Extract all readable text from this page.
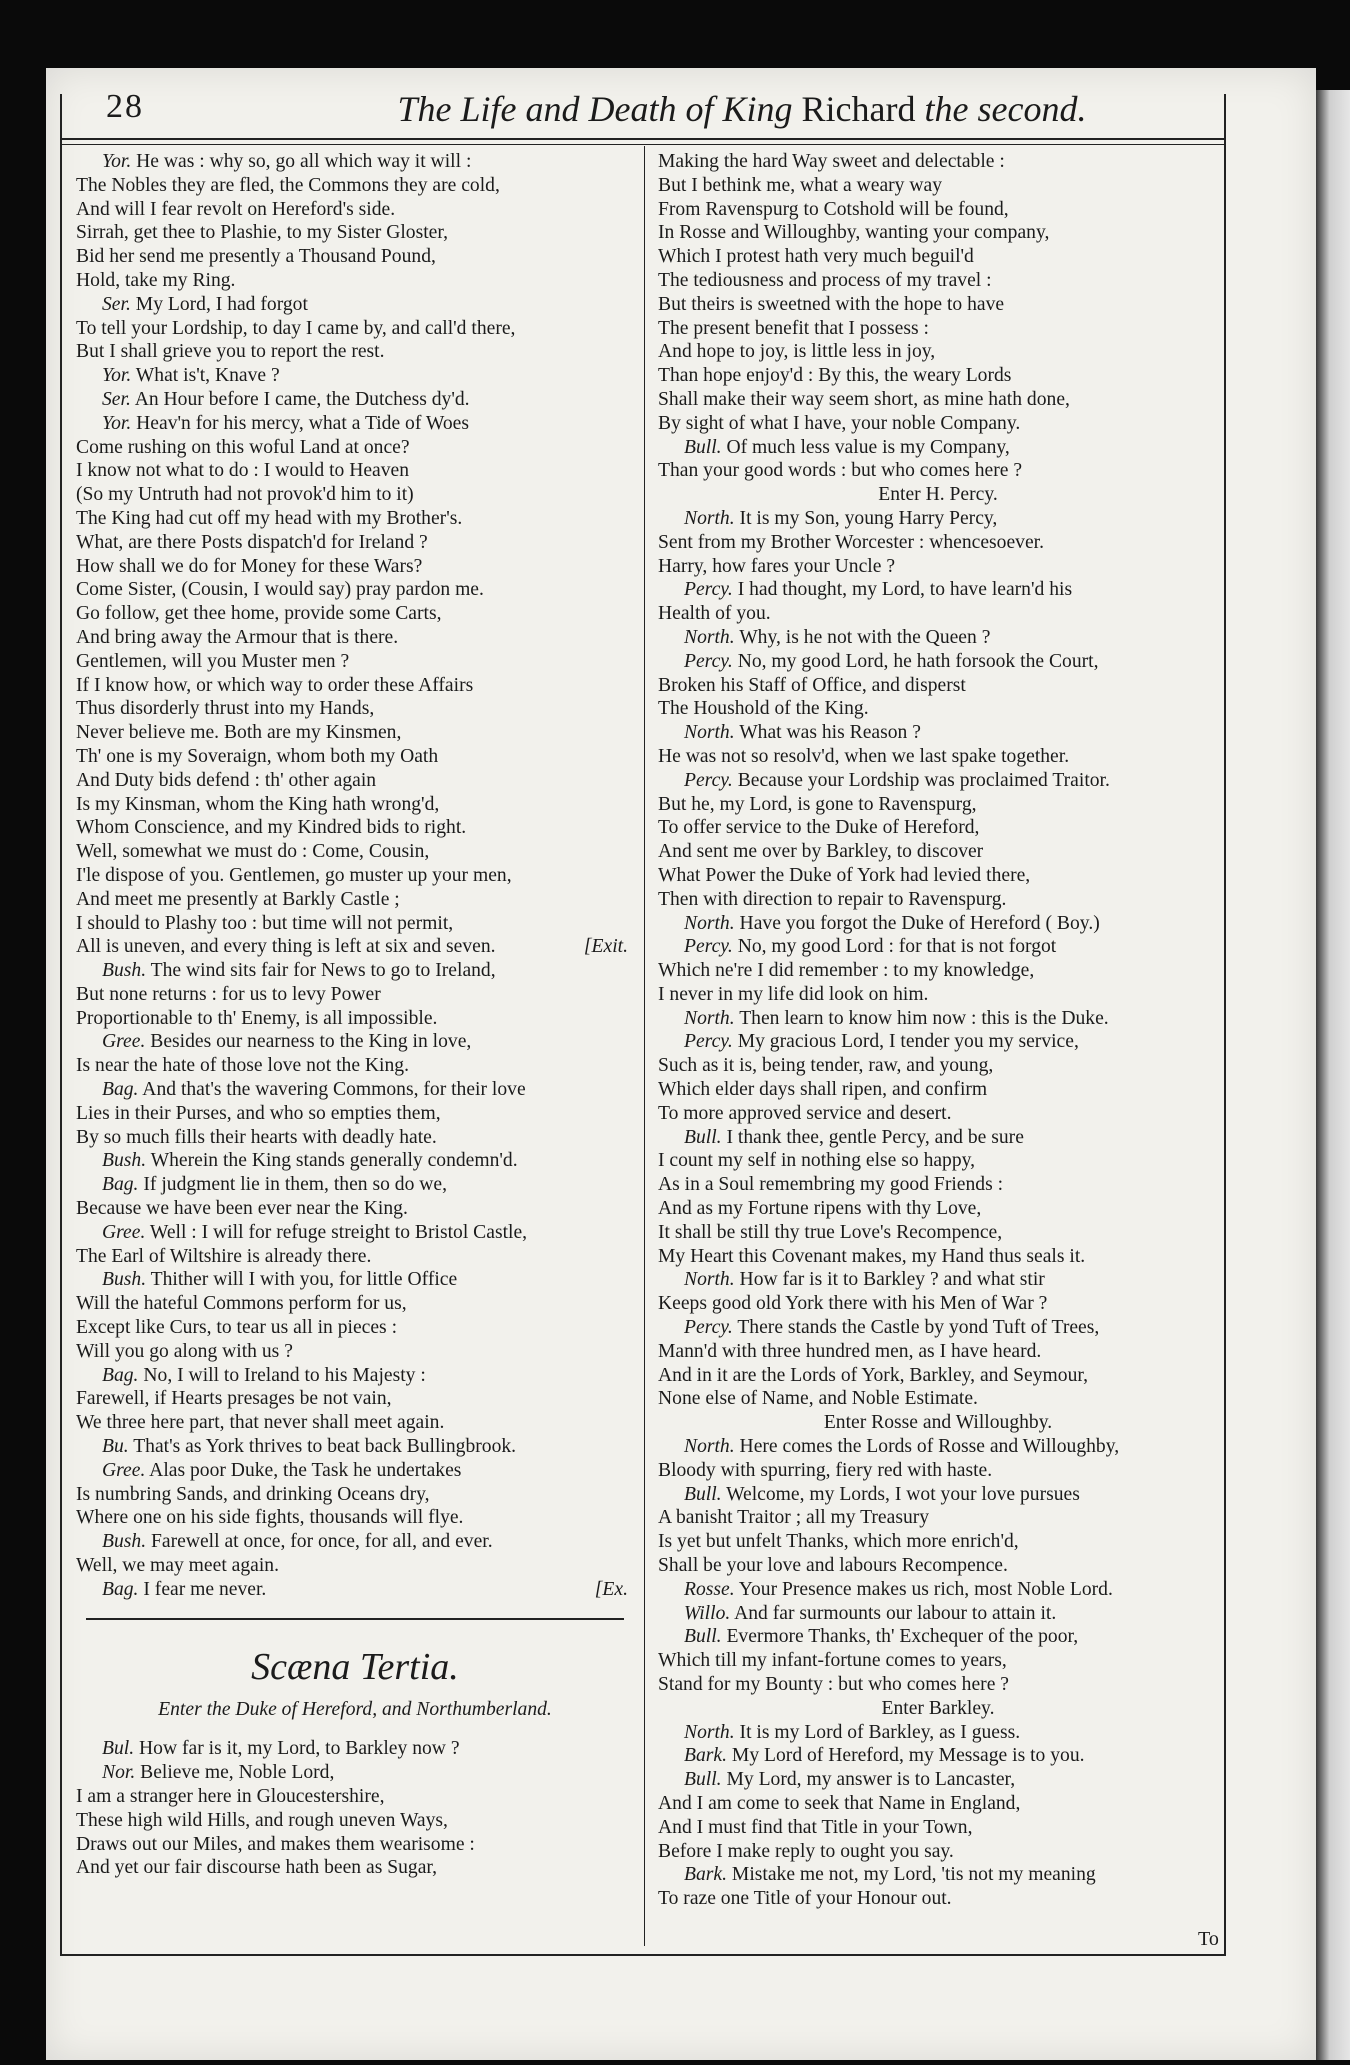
28	The Life and Death of King Richard the second.
Yor. He was : why so, go all which way it will :
The Nobles they are fled, the Commons they are cold,
And will I fear revolt on Hereford's side.
Sirrah, get thee to Plashie, to my Sister Gloster,
Bid her send me presently a Thousand Pound,
Hold, take my Ring.
Ser. My Lord, I had forgot
To tell your Lordship, to day I came by, and call'd there,
But I shall grieve you to report the rest.
Yor. What is't, Knave ?
Ser. An Hour before I came, the Dutchess dy'd.
Yor. Heav'n for his mercy, what a Tide of Woes
Come rushing on this woful Land at once?
I know not what to do : I would to Heaven
(So my Untruth had not provok'd him to it)
The King had cut off my head with my Brother's.
What, are there Posts dispatch'd for Ireland ?
How shall we do for Money for these Wars?
Come Sister, (Cousin, I would say) pray pardon me.
Go follow, get thee home, provide some Carts,
And bring away the Armour that is there.
Gentlemen, will you Muster men ?
If I know how, or which way to order these Affairs
Thus disorderly thrust into my Hands,
Never believe me. Both are my Kinsmen,
Th' one is my Soveraign, whom both my Oath
And Duty bids defend : th' other again
Is my Kinsman, whom the King hath wrong'd,
Whom Conscience, and my Kindred bids to right.
Well, somewhat we must do : Come, Cousin,
I'le dispose of you. Gentlemen, go muster up your men,
And meet me presently at Barkly Castle ;
I should to Plashy too : but time will not permit,
[Exit.
All is uneven, and every thing is left at six and seven.
Bush. The wind sits fair for News to go to Ireland,
But none returns : for us to levy Power
Proportionable to th' Enemy, is all impossible.
Gree. Besides our nearness to the King in love,
Is near the hate of those love not the King.
Bag. And that's the wavering Commons, for their love
Lies in their Purses, and who so empties them,
By so much fills their hearts with deadly hate.
Bush. Wherein the King stands generally condemn'd.
Bag. If judgment lie in them, then so do we,
Because we have been ever near the King.
Gree. Well : I will for refuge streight to Bristol Castle,
The Earl of Wiltshire is already there.
Bush. Thither will I with you, for little Office
Will the hateful Commons perform for us,
Except like Curs, to tear us all in pieces :
Will you go along with us ?
Bag. No, I will to Ireland to his Majesty :
Farewell, if Hearts presages be not vain,
We three here part, that never shall meet again.
Bu. That's as York thrives to beat back Bullingbrook.
Gree. Alas poor Duke, the Task he undertakes
Is numbring Sands, and drinking Oceans dry,
Where one on his side fights, thousands will flye.
Bush. Farewell at once, for once, for all, and ever.
Well, we may meet again.
[Ex.
Bag. I fear me never.
Scæna Tertia.
Enter the Duke of Hereford, and Northumberland.
Bul. How far is it, my Lord, to Barkley now ?
Nor. Believe me, Noble Lord,
I am a stranger here in Gloucestershire,
These high wild Hills, and rough uneven Ways,
Draws out our Miles, and makes them wearisome :
And yet our fair discourse hath been as Sugar,
Making the hard Way sweet and delectable :
But I bethink me, what a weary way
From Ravenspurg to Cotshold will be found,
In Rosse and Willoughby, wanting your company,
Which I protest hath very much beguil'd
The tediousness and process of my travel :
But theirs is sweetned with the hope to have
The present benefit that I possess :
And hope to joy, is little less in joy,
Than hope enjoy'd : By this, the weary Lords
Shall make their way seem short, as mine hath done,
By sight of what I have, your noble Company.
Bull. Of much less value is my Company,
Than your good words : but who comes here ?
Enter H. Percy.
North. It is my Son, young Harry Percy,
Sent from my Brother Worcester : whencesoever.
Harry, how fares your Uncle ?
Percy. I had thought, my Lord, to have learn'd his
Health of you.
North. Why, is he not with the Queen ?
Percy. No, my good Lord, he hath forsook the Court,
Broken his Staff of Office, and disperst
The Houshold of the King.
North. What was his Reason ?
He was not so resolv'd, when we last spake together.
Percy. Because your Lordship was proclaimed Traitor.
But he, my Lord, is gone to Ravenspurg,
To offer service to the Duke of Hereford,
And sent me over by Barkley, to discover
What Power the Duke of York had levied there,
Then with direction to repair to Ravenspurg.
North. Have you forgot the Duke of Hereford ( Boy.)
Percy. No, my good Lord : for that is not forgot
Which ne're I did remember : to my knowledge,
I never in my life did look on him.
North. Then learn to know him now : this is the Duke.
Percy. My gracious Lord, I tender you my service,
Such as it is, being tender, raw, and young,
Which elder days shall ripen, and confirm
To more approved service and desert.
Bull. I thank thee, gentle Percy, and be sure
I count my self in nothing else so happy,
As in a Soul remembring my good Friends :
And as my Fortune ripens with thy Love,
It shall be still thy true Love's Recompence,
My Heart this Covenant makes, my Hand thus seals it.
North. How far is it to Barkley ? and what stir
Keeps good old York there with his Men of War ?
Percy. There stands the Castle by yond Tuft of Trees,
Mann'd with three hundred men, as I have heard.
And in it are the Lords of York, Barkley, and Seymour,
None else of Name, and Noble Estimate.
Enter Rosse and Willoughby.
North. Here comes the Lords of Rosse and Willoughby,
Bloody with spurring, fiery red with haste.
Bull. Welcome, my Lords, I wot your love pursues
A banisht Traitor ; all my Treasury
Is yet but unfelt Thanks, which more enrich'd,
Shall be your love and labours Recompence.
Rosse. Your Presence makes us rich, most Noble Lord.
Willo. And far surmounts our labour to attain it.
Bull. Evermore Thanks, th' Exchequer of the poor,
Which till my infant-fortune comes to years,
Stand for my Bounty : but who comes here ?
Enter Barkley.
North. It is my Lord of Barkley, as I guess.
Bark. My Lord of Hereford, my Message is to you.
Bull. My Lord, my answer is to Lancaster,
And I am come to seek that Name in England,
And I must find that Title in your Town,
Before I make reply to ought you say.
Bark. Mistake me not, my Lord, 'tis not my meaning
To raze one Title of your Honour out.
To
